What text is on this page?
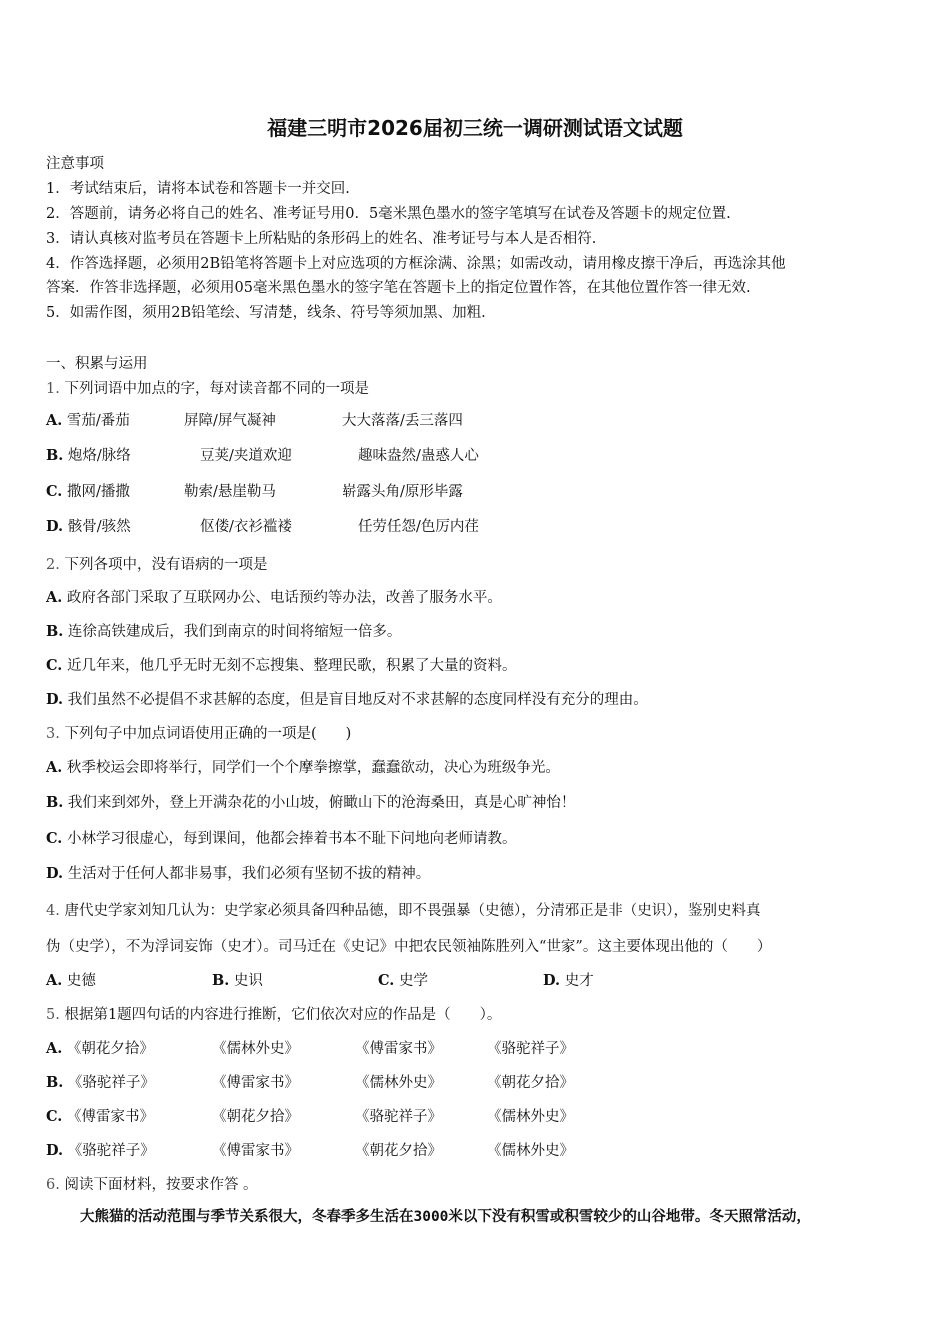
福建三明市2026届初三统一调研测试语文试题
注意事项
1．考试结束后，请将本试卷和答题卡一并交回.
2．答题前，请务必将自己的姓名、准考证号用0．5毫米黑色墨水的签字笔填写在试卷及答题卡的规定位置.
3．请认真核对监考员在答题卡上所粘贴的条形码上的姓名、准考证号与本人是否相符.
4．作答选择题，必须用2B铅笔将答题卡上对应选项的方框涂满、涂黑；如需改动，请用橡皮擦干净后，再选涂其他
答案．作答非选择题，必须用05毫米黑色墨水的签字笔在答题卡上的指定位置作答，在其他位置作答一律无效.
5．如需作图，须用2B铅笔绘、写清楚，线条、符号等须加黑、加粗.
一、积累与运用
1. 下列词语中加点的字，每对读音都不同的一项是
A. 雪茄/番茄	屏障/屏气凝神	大大落落/丢三落四
B. 炮烙/脉络	豆荚/夹道欢迎	趣味盎然/蛊惑人心
C. 撒网/播撒	勒索/悬崖勒马	崭露头角/原形毕露
D. 骸骨/骇然	伛偻/衣衫褴褛	任劳任怨/色厉内荏
2. 下列各项中，没有语病的一项是
A. 政府各部门采取了互联网办公、电话预约等办法，改善了服务水平。
B. 连徐高铁建成后，我们到南京的时间将缩短一倍多。
C. 近几年来，他几乎无时无刻不忘搜集、整理民歌，积累了大量的资料。
D. 我们虽然不必提倡不求甚解的态度，但是盲目地反对不求甚解的态度同样没有充分的理由。
3. 下列句子中加点词语使用正确的一项是(　　)
A. 秋季校运会即将举行，同学们一个个摩拳擦掌，蠢蠢欲动，决心为班级争光。
B. 我们来到郊外，登上开满杂花的小山坡，俯瞰山下的沧海桑田，真是心旷神怡！
C. 小林学习很虚心，每到课间，他都会捧着书本不耻下问地向老师请教。
D. 生活对于任何人都非易事，我们必须有坚韧不拔的精神。
4. 唐代史学家刘知几认为：史学家必须具备四种品德，即不畏强暴（史德），分清邪正是非（史识），鉴别史料真
伪（史学），不为浮词妄饰（史才）。司马迁在《史记》中把农民领袖陈胜列入“世家”。这主要体现出他的（　　）
A. 史德	B. 史识	C. 史学	D. 史才
5. 根据第1题四句话的内容进行推断，它们依次对应的作品是（　　）。
A. 《朝花夕拾》	《儒林外史》	《傅雷家书》	《骆驼祥子》
B. 《骆驼祥子》	《傅雷家书》	《儒林外史》	《朝花夕拾》
C. 《傅雷家书》	《朝花夕拾》	《骆驼祥子》	《儒林外史》
D. 《骆驼祥子》	《傅雷家书》	《朝花夕拾》	《儒林外史》
6. 阅读下面材料，按要求作答 。
大熊猫的活动范围与季节关系很大，冬春季多生活在3000米以下没有积雪或积雪较少的山谷地带。冬天照常活动，
